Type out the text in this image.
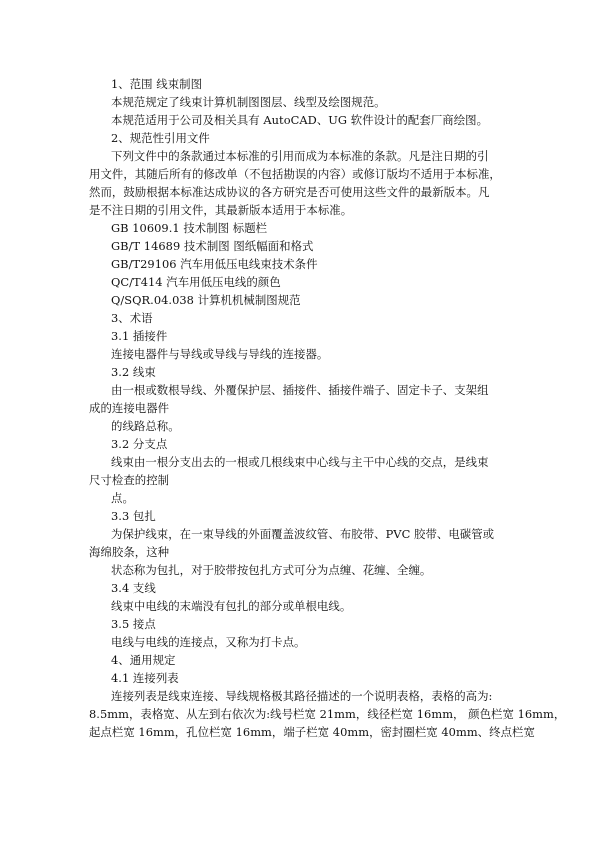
1、范围 线束制图
本规范规定了线束计算机制图图层、线型及绘图规范。
本规范适用于公司及相关具有 AutoCAD、UG 软件设计的配套厂商绘图。
2、规范性引用文件
下列文件中的条款通过本标准的引用而成为本标准的条款。凡是注日期的引
用文件，其随后所有的修改单（不包括勘误的内容）或修订版均不适用于本标准，
然而，鼓励根据本标准达成协议的各方研究是否可使用这些文件的最新版本。凡
是不注日期的引用文件，其最新版本适用于本标准。
GB 10609.1 技术制图 标题栏
GB/T 14689 技术制图 图纸幅面和格式
GB/T29106 汽车用低压电线束技术条件
QC/T414 汽车用低压电线的颜色
Q/SQR.04.038 计算机机械制图规范
3、术语
3.1 插接件
连接电器件与导线或导线与导线的连接器。
3.2 线束
由一根或数根导线、外覆保护层、插接件、插接件端子、固定卡子、支架组
成的连接电器件
的线路总称。
3.2 分支点
线束由一根分支出去的一根或几根线束中心线与主干中心线的交点，是线束
尺寸检查的控制
点。
3.3 包扎
为保护线束，在一束导线的外面覆盖波纹管、布胶带、PVC 胶带、电碳管或
海绵胶条，这种
状态称为包扎，对于胶带按包扎方式可分为点缠、花缠、全缠。
3.4 支线
线束中电线的末端没有包扎的部分或单根电线。
3.5 接点
电线与电线的连接点，又称为打卡点。
4、通用规定
4.1 连接列表
连接列表是线束连接、导线规格极其路径描述的一个说明表格，表格的高为:
8.5mm，表格宽、从左到右依次为:线号栏宽 21mm，线径栏宽 16mm， 颜色栏宽 16mm，
起点栏宽 16mm，孔位栏宽 16mm，端子栏宽 40mm，密封圈栏宽 40mm、终点栏宽
